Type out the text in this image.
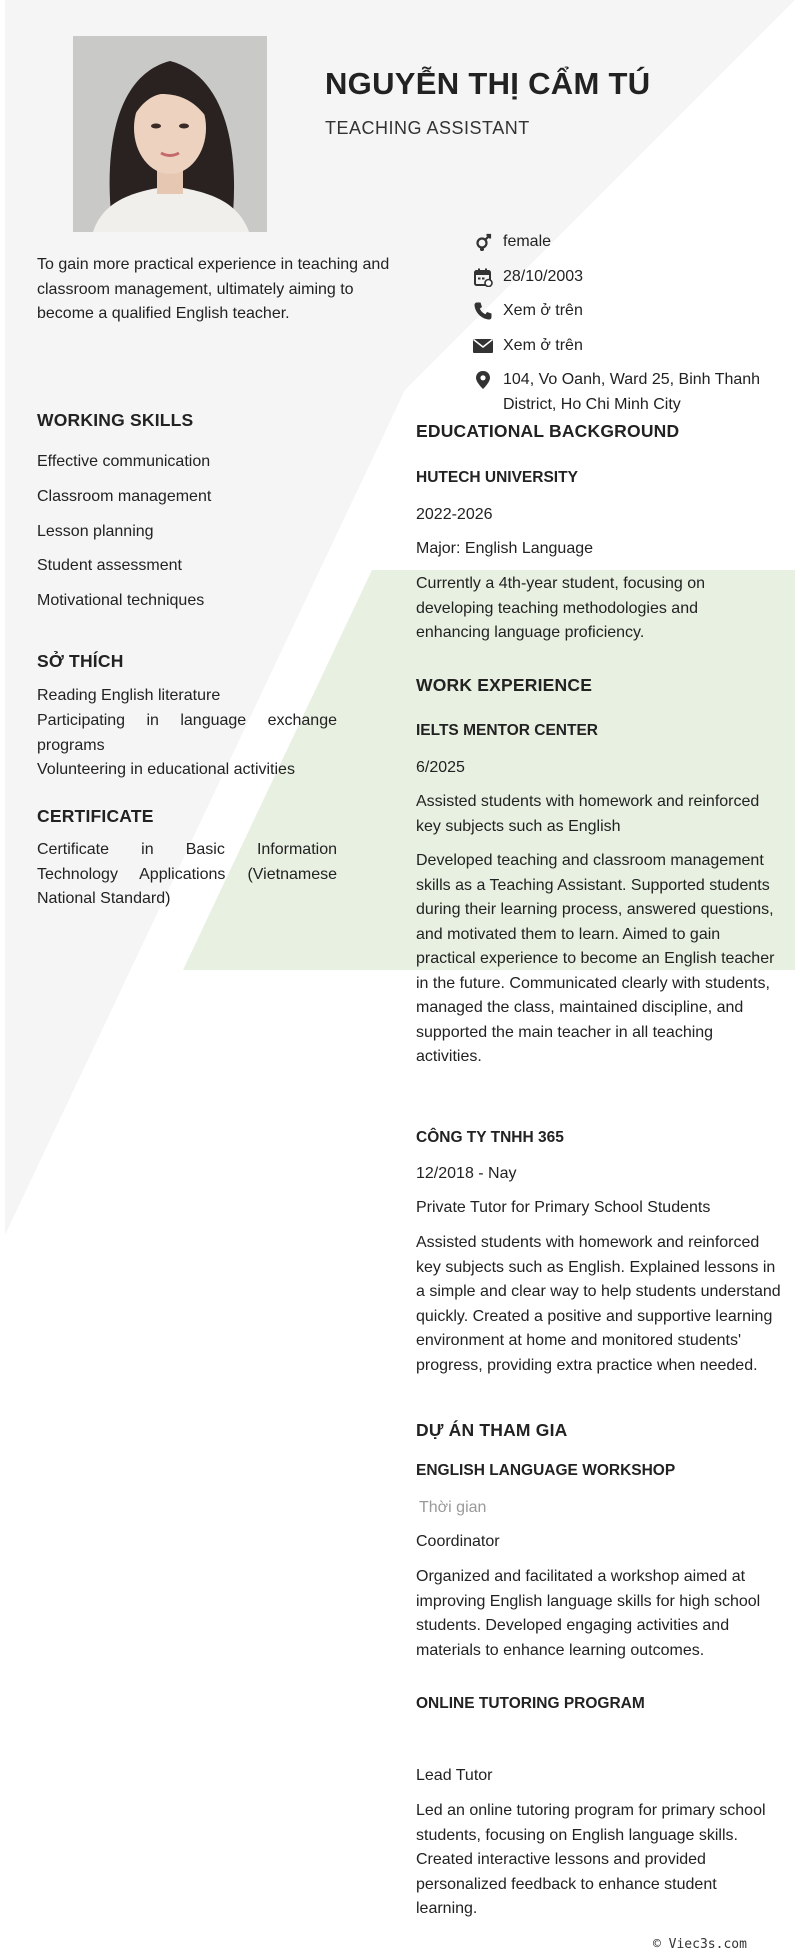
NGUYỄN THỊ CẨM TÚ
TEACHING ASSISTANT
To gain more practical experience in teaching and classroom management, ultimately aiming to become a qualified English teacher.
female
28/10/2003
Xem ở trên
Xem ở trên
104, Vo Oanh, Ward 25, Binh Thanh District, Ho Chi Minh City
WORKING SKILLS
Effective communication
Classroom management
Lesson planning
Student assessment
Motivational techniques
SỞ THÍCH
Reading English literature
Participating in language exchange programs
Volunteering in educational activities
CERTIFICATE
Certificate in Basic Information Technology Applications (Vietnamese National Standard)
EDUCATIONAL BACKGROUND
HUTECH UNIVERSITY
2022-2026
Major: English Language
Currently a 4th-year student, focusing on developing teaching methodologies and enhancing language proficiency.
WORK EXPERIENCE
IELTS MENTOR CENTER
6/2025
Assisted students with homework and reinforced key subjects such as English
Developed teaching and classroom management skills as a Teaching Assistant. Supported students during their learning process, answered questions, and motivated them to learn. Aimed to gain practical experience to become an English teacher in the future. Communicated clearly with students, managed the class, maintained discipline, and supported the main teacher in all teaching activities.
CÔNG TY TNHH 365
12/2018 - Nay
Private Tutor for Primary School Students
Assisted students with homework and reinforced key subjects such as English. Explained lessons in a simple and clear way to help students understand quickly. Created a positive and supportive learning environment at home and monitored students' progress, providing extra practice when needed.
DỰ ÁN THAM GIA
ENGLISH LANGUAGE WORKSHOP
Thời gian
Coordinator
Organized and facilitated a workshop aimed at improving English language skills for high school students. Developed engaging activities and materials to enhance learning outcomes.
ONLINE TUTORING PROGRAM
Lead Tutor
Led an online tutoring program for primary school students, focusing on English language skills. Created interactive lessons and provided personalized feedback to enhance student learning.
© Viec3s.com
